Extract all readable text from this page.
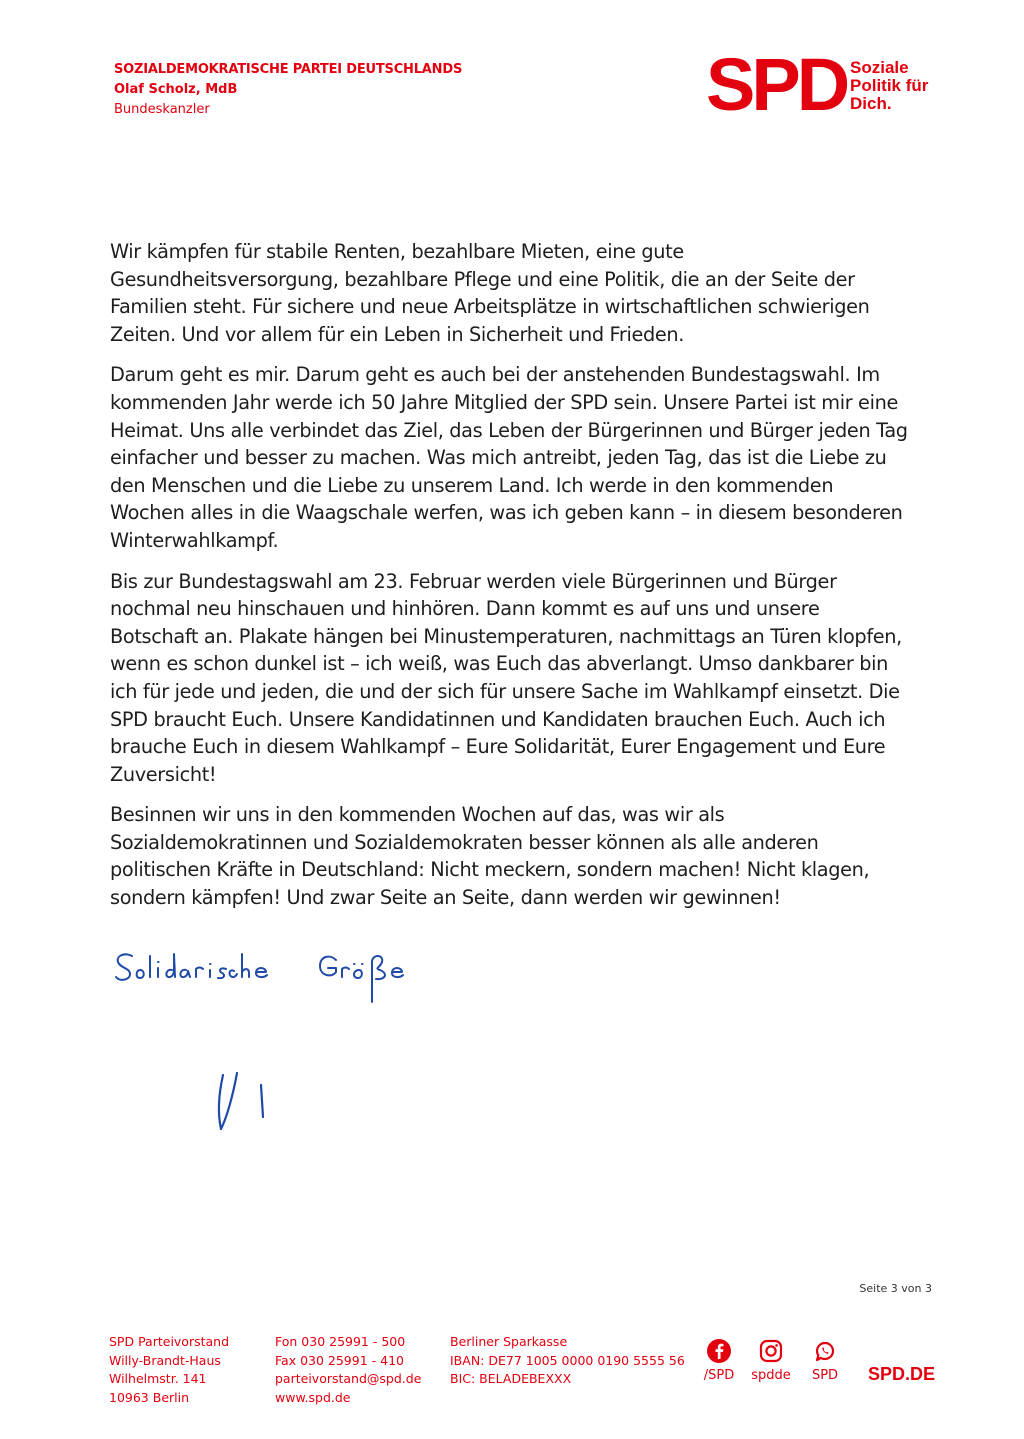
SOZIALDEMOKRATISCHE PARTEI DEUTSCHLANDS
Olaf Scholz, MdB
Bundeskanzler	SPD Soziale
Politik für
Dich.

Wir kämpfen für stabile Renten, bezahlbare Mieten, eine gute Gesundheitsversorgung, bezahlbare Pflege und eine Politik, die an der Seite der Familien steht. Für sichere und neue Arbeitsplätze in wirtschaftlichen schwierigen Zeiten. Und vor allem für ein Leben in Sicherheit und Frieden.

Darum geht es mir. Darum geht es auch bei der anstehenden Bundestagswahl. Im kommenden Jahr werde ich 50 Jahre Mitglied der SPD sein. Unsere Partei ist mir eine Heimat. Uns alle verbindet das Ziel, das Leben der Bürgerinnen und Bürger jeden Tag einfacher und besser zu machen. Was mich antreibt, jeden Tag, das ist die Liebe zu den Menschen und die Liebe zu unserem Land. Ich werde in den kommenden Wochen alles in die Waagschale werfen, was ich geben kann – in diesem besonderen Winterwahlkampf.

Bis zur Bundestagswahl am 23. Februar werden viele Bürgerinnen und Bürger nochmal neu hinschauen und hinhören. Dann kommt es auf uns und unsere Botschaft an. Plakate hängen bei Minustemperaturen, nachmittags an Türen klopfen, wenn es schon dunkel ist – ich weiß, was Euch das abverlangt. Umso dankbarer bin ich für jede und jeden, die und der sich für unsere Sache im Wahlkampf einsetzt. Die SPD braucht Euch. Unsere Kandidatinnen und Kandidaten brauchen Euch. Auch ich brauche Euch in diesem Wahlkampf – Eure Solidarität, Eurer Engagement und Eure Zuversicht!

Besinnen wir uns in den kommenden Wochen auf das, was wir als Sozialdemokratinnen und Sozialdemokraten besser können als alle anderen politischen Kräfte in Deutschland: Nicht meckern, sondern machen! Nicht klagen, sondern kämpfen! Und zwar Seite an Seite, dann werden wir gewinnen!

Seite 3 von 3
SPD Parteivorstand
Willy-Brandt-Haus
Wilhelmstr. 141
10963 Berlin
Fon 030 25991 - 500
Fax 030 25991 - 410
parteivorstand@spd.de
www.spd.de
Berliner Sparkasse
IBAN: DE77 1005 0000 0190 5555 56
BIC: BELADEBEXXX	/SPD	spdde	SPD	SPD.DE
